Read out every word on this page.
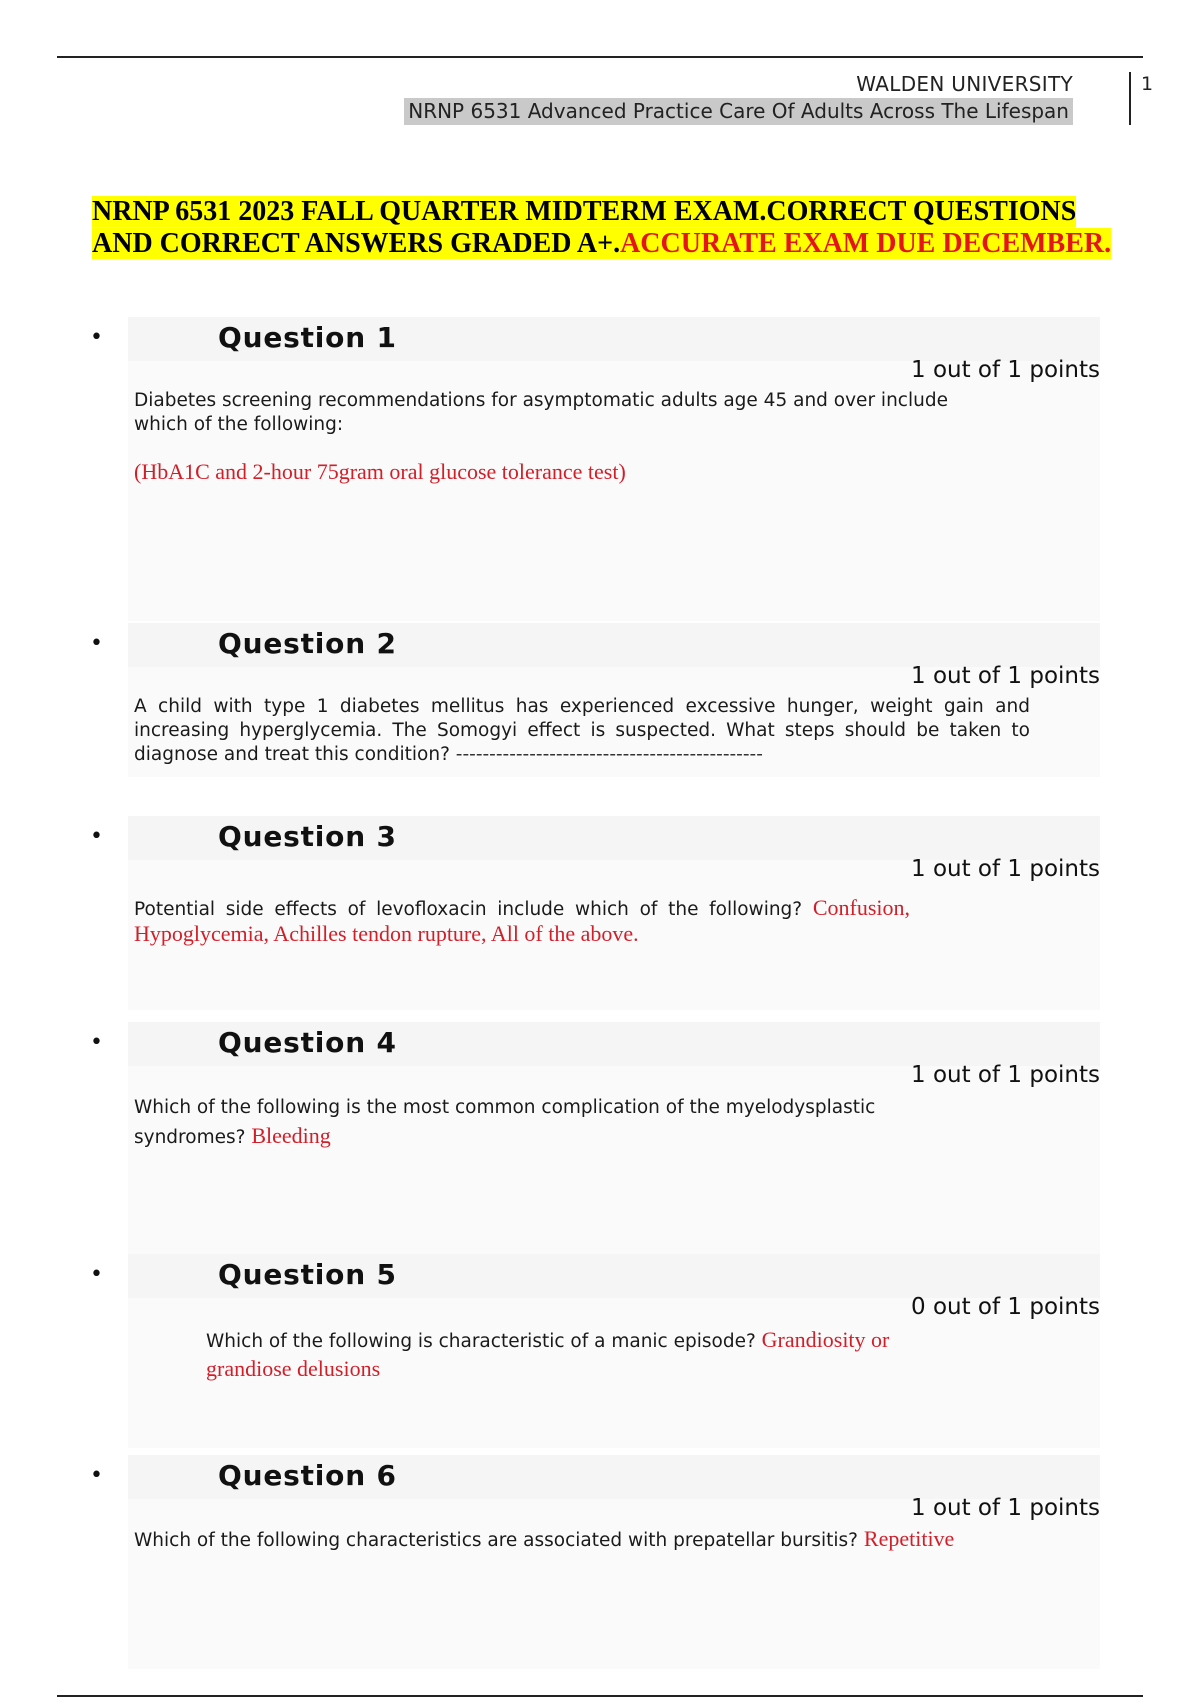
WALDEN UNIVERSITY
NRNP 6531 Advanced Practice Care Of Adults Across The Lifespan
1
NRNP 6531 2023 FALL QUARTER MIDTERM EXAM.CORRECT QUESTIONS AND CORRECT ANSWERS GRADED A+.ACCURATE EXAM DUE DECEMBER.
•	Question 1
1 out of 1 points
Diabetes screening recommendations for asymptomatic adults age 45 and over include which of the following:
(HbA1C and 2-hour 75gram oral glucose tolerance test)
•	Question 2
1 out of 1 points
A child with type 1 diabetes mellitus has experienced excessive hunger, weight gain and increasing hyperglycemia. The Somogyi effect is suspected. What steps should be taken to diagnose and treat this condition? ----------------------------------------------
•	Question 3
1 out of 1 points
Potential side effects of levofloxacin include which of the following? Confusion, Hypoglycemia, Achilles tendon rupture, All of the above.
•	Question 4
1 out of 1 points
Which of the following is the most common complication of the myelodysplastic syndromes? Bleeding
•	Question 5
0 out of 1 points
Which of the following is characteristic of a manic episode? Grandiosity or grandiose delusions
•	Question 6
1 out of 1 points
Which of the following characteristics are associated with prepatellar bursitis? Repetitive
